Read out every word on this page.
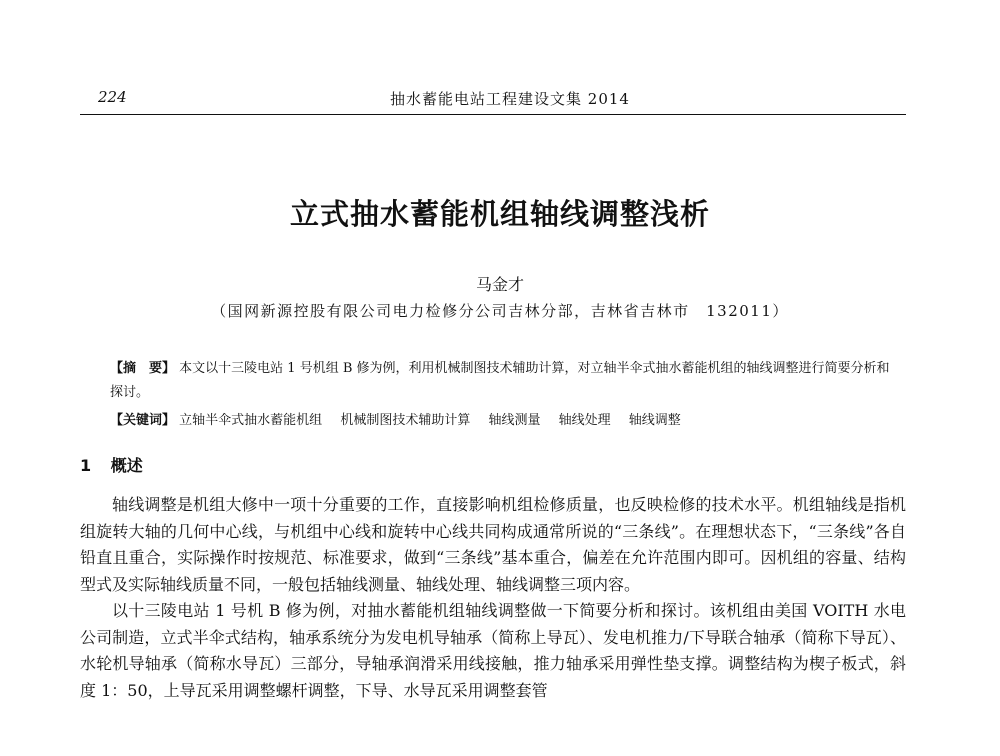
224	抽水蓄能电站工程建设文集 2014
立式抽水蓄能机组轴线调整浅析
马金才
（国网新源控股有限公司电力检修分公司吉林分部，吉林省吉林市　132011）
【摘　要】 本文以十三陵电站 1 号机组 B 修为例，利用机械制图技术辅助计算，对立轴半伞式抽水蓄能机组的轴线调整进行简要分析和探讨。
【关键词】 立轴半伞式抽水蓄能机组 机械制图技术辅助计算 轴线测量 轴线处理 轴线调整
1 概述

轴线调整是机组大修中一项十分重要的工作，直接影响机组检修质量，也反映检修的技术水平。机组轴线是指机组旋转大轴的几何中心线，与机组中心线和旋转中心线共同构成通常所说的“三条线”。在理想状态下，“三条线”各自铅直且重合，实际操作时按规范、标准要求，做到“三条线”基本重合，偏差在允许范围内即可。因机组的容量、结构型式及实际轴线质量不同，一般包括轴线测量、轴线处理、轴线调整三项内容。

以十三陵电站 1 号机 B 修为例，对抽水蓄能机组轴线调整做一下简要分析和探讨。该机组由美国 VOITH 水电公司制造，立式半伞式结构，轴承系统分为发电机导轴承（简称上导瓦）、发电机推力/下导联合轴承（简称下导瓦）、水轮机导轴承（简称水导瓦）三部分，导轴承润滑采用线接触，推力轴承采用弹性垫支撑。调整结构为楔子板式，斜度 1：50，上导瓦采用调整螺杆调整，下导、水导瓦采用调整套管
